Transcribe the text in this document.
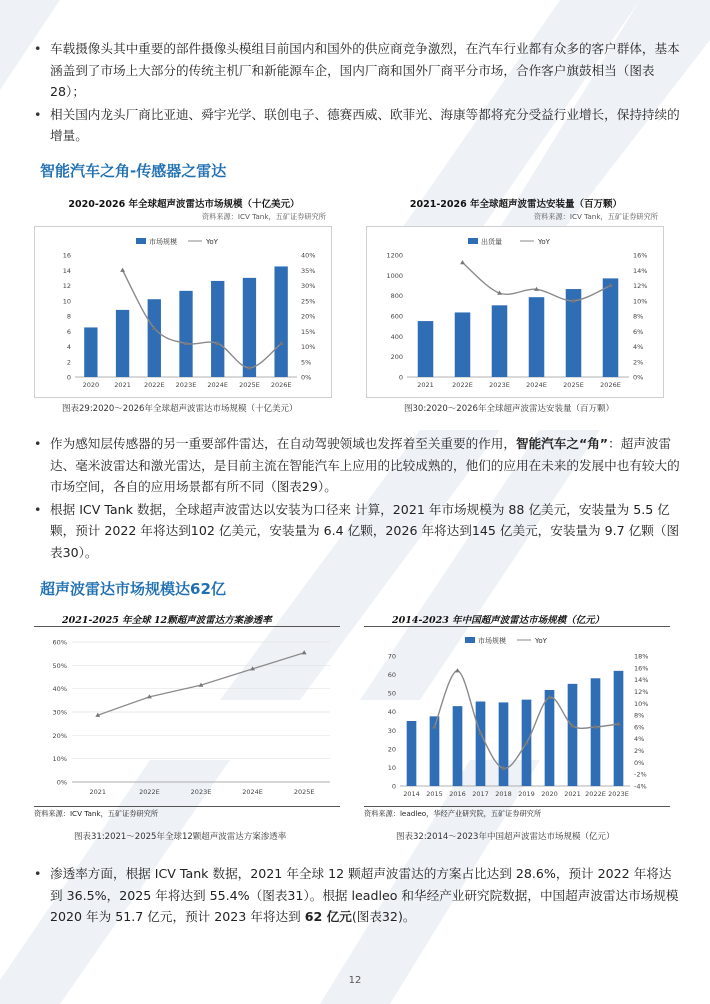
• 车载摄像头其中重要的部件摄像头模组目前国内和国外的供应商竞争激烈，在汽车行业都有众多的客户群体，基本涵盖到了市场上大部分的传统主机厂和新能源车企，国内厂商和国外厂商平分市场，合作客户旗鼓相当（图表28）；
• 相关国内龙头厂商比亚迪、舜宇光学、联创电子、德赛西威、欧菲光、海康等都将充分受益行业增长，保持持续的增量。
智能汽车之角-传感器之雷达
2020-2026 年全球超声波雷达市场规模（十亿美元）
资料来源：ICV Tank，五矿证券研究所
市场规模	YoY
0
2
4
6
8
10
12
14
16
0%
5%
10%
15%
20%
25%
30%
35%
40%
2020 2021 2022E 2023E 2024E 2025E 2026E
图表29:2020～2026年全球超声波雷达市场规模（十亿美元）
2021-2026 年全球超声波雷达安装量（百万颗）
资料来源：ICV Tank，五矿证券研究所
出货量	YoY
0
200
400
600
800
1000
1200
0%
2%
4%
6%
8%
10%
12%
14%
16%
2021	2022E	2023E	2024E	2025E	2026E
图30:2020～2026年全球超声波雷达安装量（百万颗）
• 作为感知层传感器的另一重要部件雷达，在自动驾驶领域也发挥着至关重要的作用，智能汽车之“角”：超声波雷达、毫米波雷达和激光雷达，是目前主流在智能汽车上应用的比较成熟的，他们的应用在未来的发展中也有较大的市场空间，各自的应用场景都有所不同（图表29）。
• 根据 ICV Tank 数据，全球超声波雷达以安装为口径来 计算，2021 年市场规模为 88 亿美元，安装量为 5.5 亿颗，预计 2022 年将达到102 亿美元，安装量为 6.4 亿颗，2026 年将达到145 亿美元，安装量为 9.7 亿颗（图表30）。
超声波雷达市场规模达62亿
2021-2025 年全球 12颗超声波雷达方案渗透率
0%
10%
20%
30%
40%
50%
60%
2021	2022E	2023E	2024E	2025E
资料来源：ICV Tank，五矿证券研究所
图表31:2021～2025年全球12颗超声波雷达方案渗透率
2014-2023 年中国超声波雷达市场规模（亿元）
市场规模	YoY
0
10
20
30
40
50
60
70
-4%
-2%
0%
2%
4%
6%
8%
10%
12%
14%
16%
18%
2014 2015 2016 2017 2018 2019 2020 2021 2022E 2023E
资料来源：leadleo，华经产业研究院，五矿证券研究所
图表32:2014～2023年中国超声波雷达市场规模（亿元）
• 渗透率方面，根据 ICV Tank 数据，2021 年全球 12 颗超声波雷达的方案占比达到 28.6%，预计 2022 年将达到 36.5%，2025 年将达到 55.4%（图表31）。根据 leadleo 和华经产业研究院数据，中国超声波雷达市场规模 2020 年为 51.7 亿元，预计 2023 年将达到 62 亿元(图表32)。
12
